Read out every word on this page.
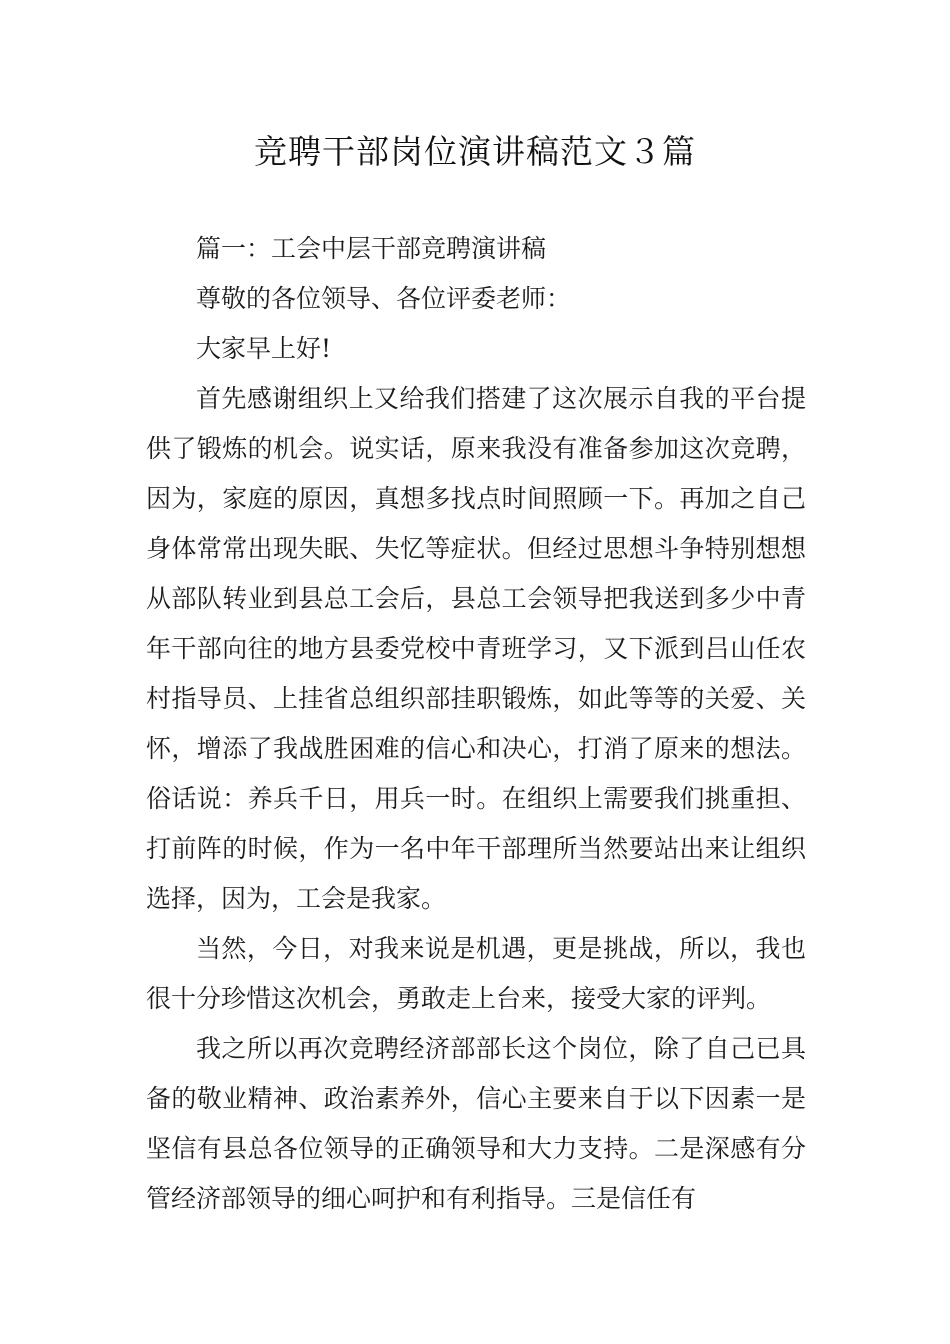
竞聘干部岗位演讲稿范文３篇

篇一：工会中层干部竞聘演讲稿

尊敬的各位领导、各位评委老师：

大家早上好!

首先感谢组织上又给我们搭建了这次展示自我的平台提供了锻炼的机会。说实话，原来我没有准备参加这次竞聘，因为，家庭的原因，真想多找点时间照顾一下。再加之自己身体常常出现失眠、失忆等症状。但经过思想斗争特别想想从部队转业到县总工会后，县总工会领导把我送到多少中青年干部向往的地方县委党校中青班学习，又下派到吕山任农村指导员、上挂省总组织部挂职锻炼，如此等等的关爱、关怀，增添了我战胜困难的信心和决心，打消了原来的想法。俗话说：养兵千日，用兵一时。在组织上需要我们挑重担、打前阵的时候，作为一名中年干部理所当然要站出来让组织选择，因为，工会是我家。

当然，今日，对我来说是机遇，更是挑战，所以，我也很十分珍惜这次机会，勇敢走上台来，接受大家的评判。

我之所以再次竞聘经济部部长这个岗位，除了自己已具备的敬业精神、政治素养外，信心主要来自于以下因素一是坚信有县总各位领导的正确领导和大力支持。二是深感有分管经济部领导的细心呵护和有利指导。三是信任有
